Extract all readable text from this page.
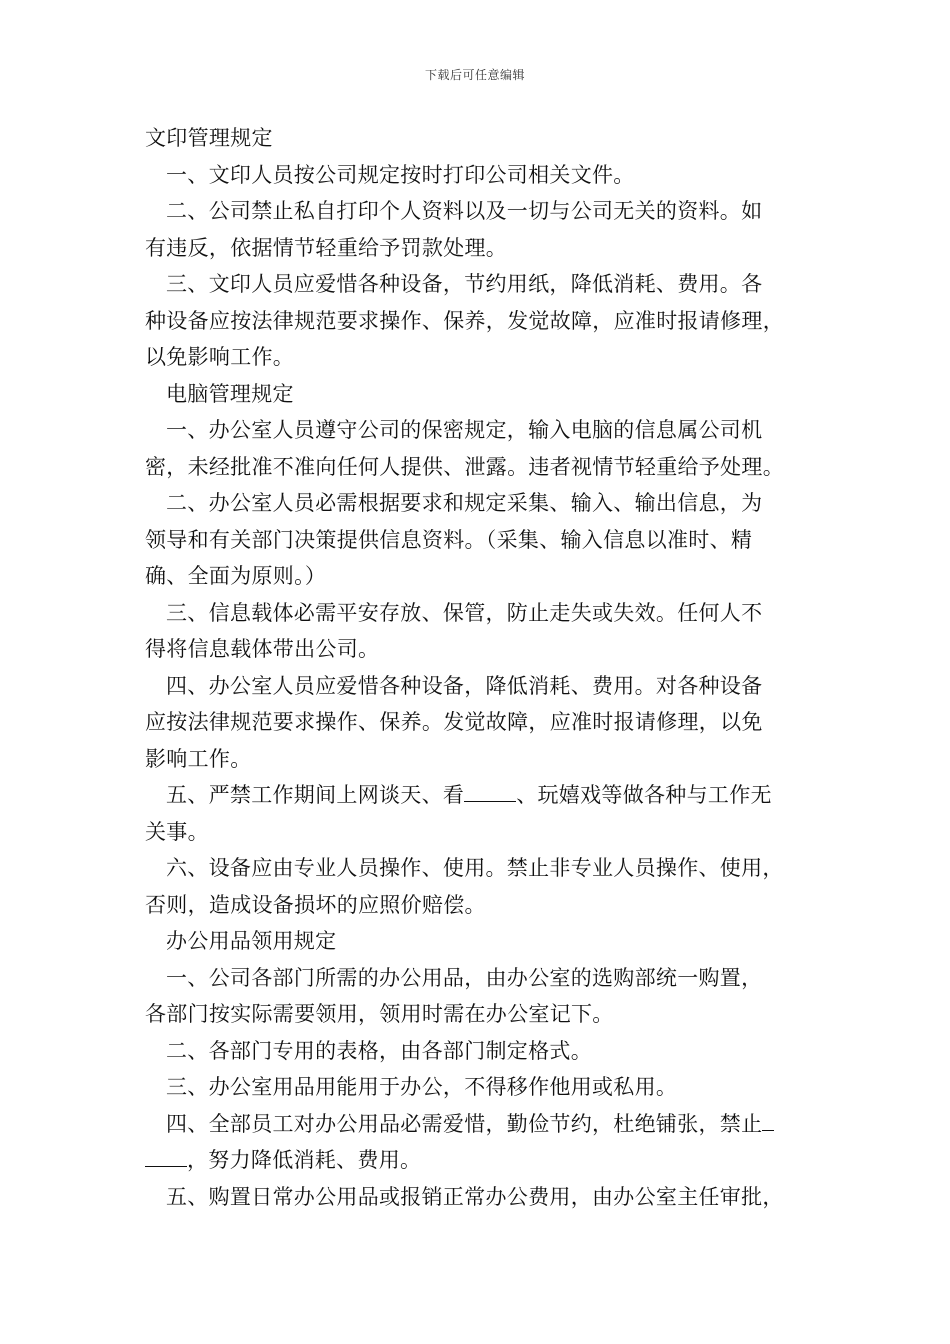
下载后可任意编辑
文印管理规定
一、文印人员按公司规定按时打印公司相关文件。
二、公司禁止私自打印个人资料以及一切与公司无关的资料。如
有违反，依据情节轻重给予罚款处理。
三、文印人员应爱惜各种设备，节约用纸，降低消耗、费用。各
种设备应按法律规范要求操作、保养，发觉故障，应准时报请修理，
以免影响工作。
电脑管理规定
一、办公室人员遵守公司的保密规定，输入电脑的信息属公司机
密，未经批准不准向任何人提供、泄露。违者视情节轻重给予处理。
二、办公室人员必需根据要求和规定采集、输入、输出信息，为
领导和有关部门决策提供信息资料。（采集、输入信息以准时、精
确、全面为原则。）
三、信息载体必需平安存放、保管，防止走失或失效。任何人不
得将信息载体带出公司。
四、办公室人员应爱惜各种设备，降低消耗、费用。对各种设备
应按法律规范要求操作、保养。发觉故障，应准时报请修理，以免
影响工作。
五、严禁工作期间上网谈天、看 、玩嬉戏等做各种与工作无
关事。
六、设备应由专业人员操作、使用。禁止非专业人员操作、使用，
否则，造成设备损坏的应照价赔偿。
办公用品领用规定
一、公司各部门所需的办公用品，由办公室的选购部统一购置，
各部门按实际需要领用，领用时需在办公室记下。
二、各部门专用的表格，由各部门制定格式。
三、办公室用品用能用于办公，不得移作他用或私用。
四、全部员工对办公用品必需爱惜，勤俭节约，杜绝铺张，禁止
，努力降低消耗、费用。
五、购置日常办公用品或报销正常办公费用，由办公室主任审批，
